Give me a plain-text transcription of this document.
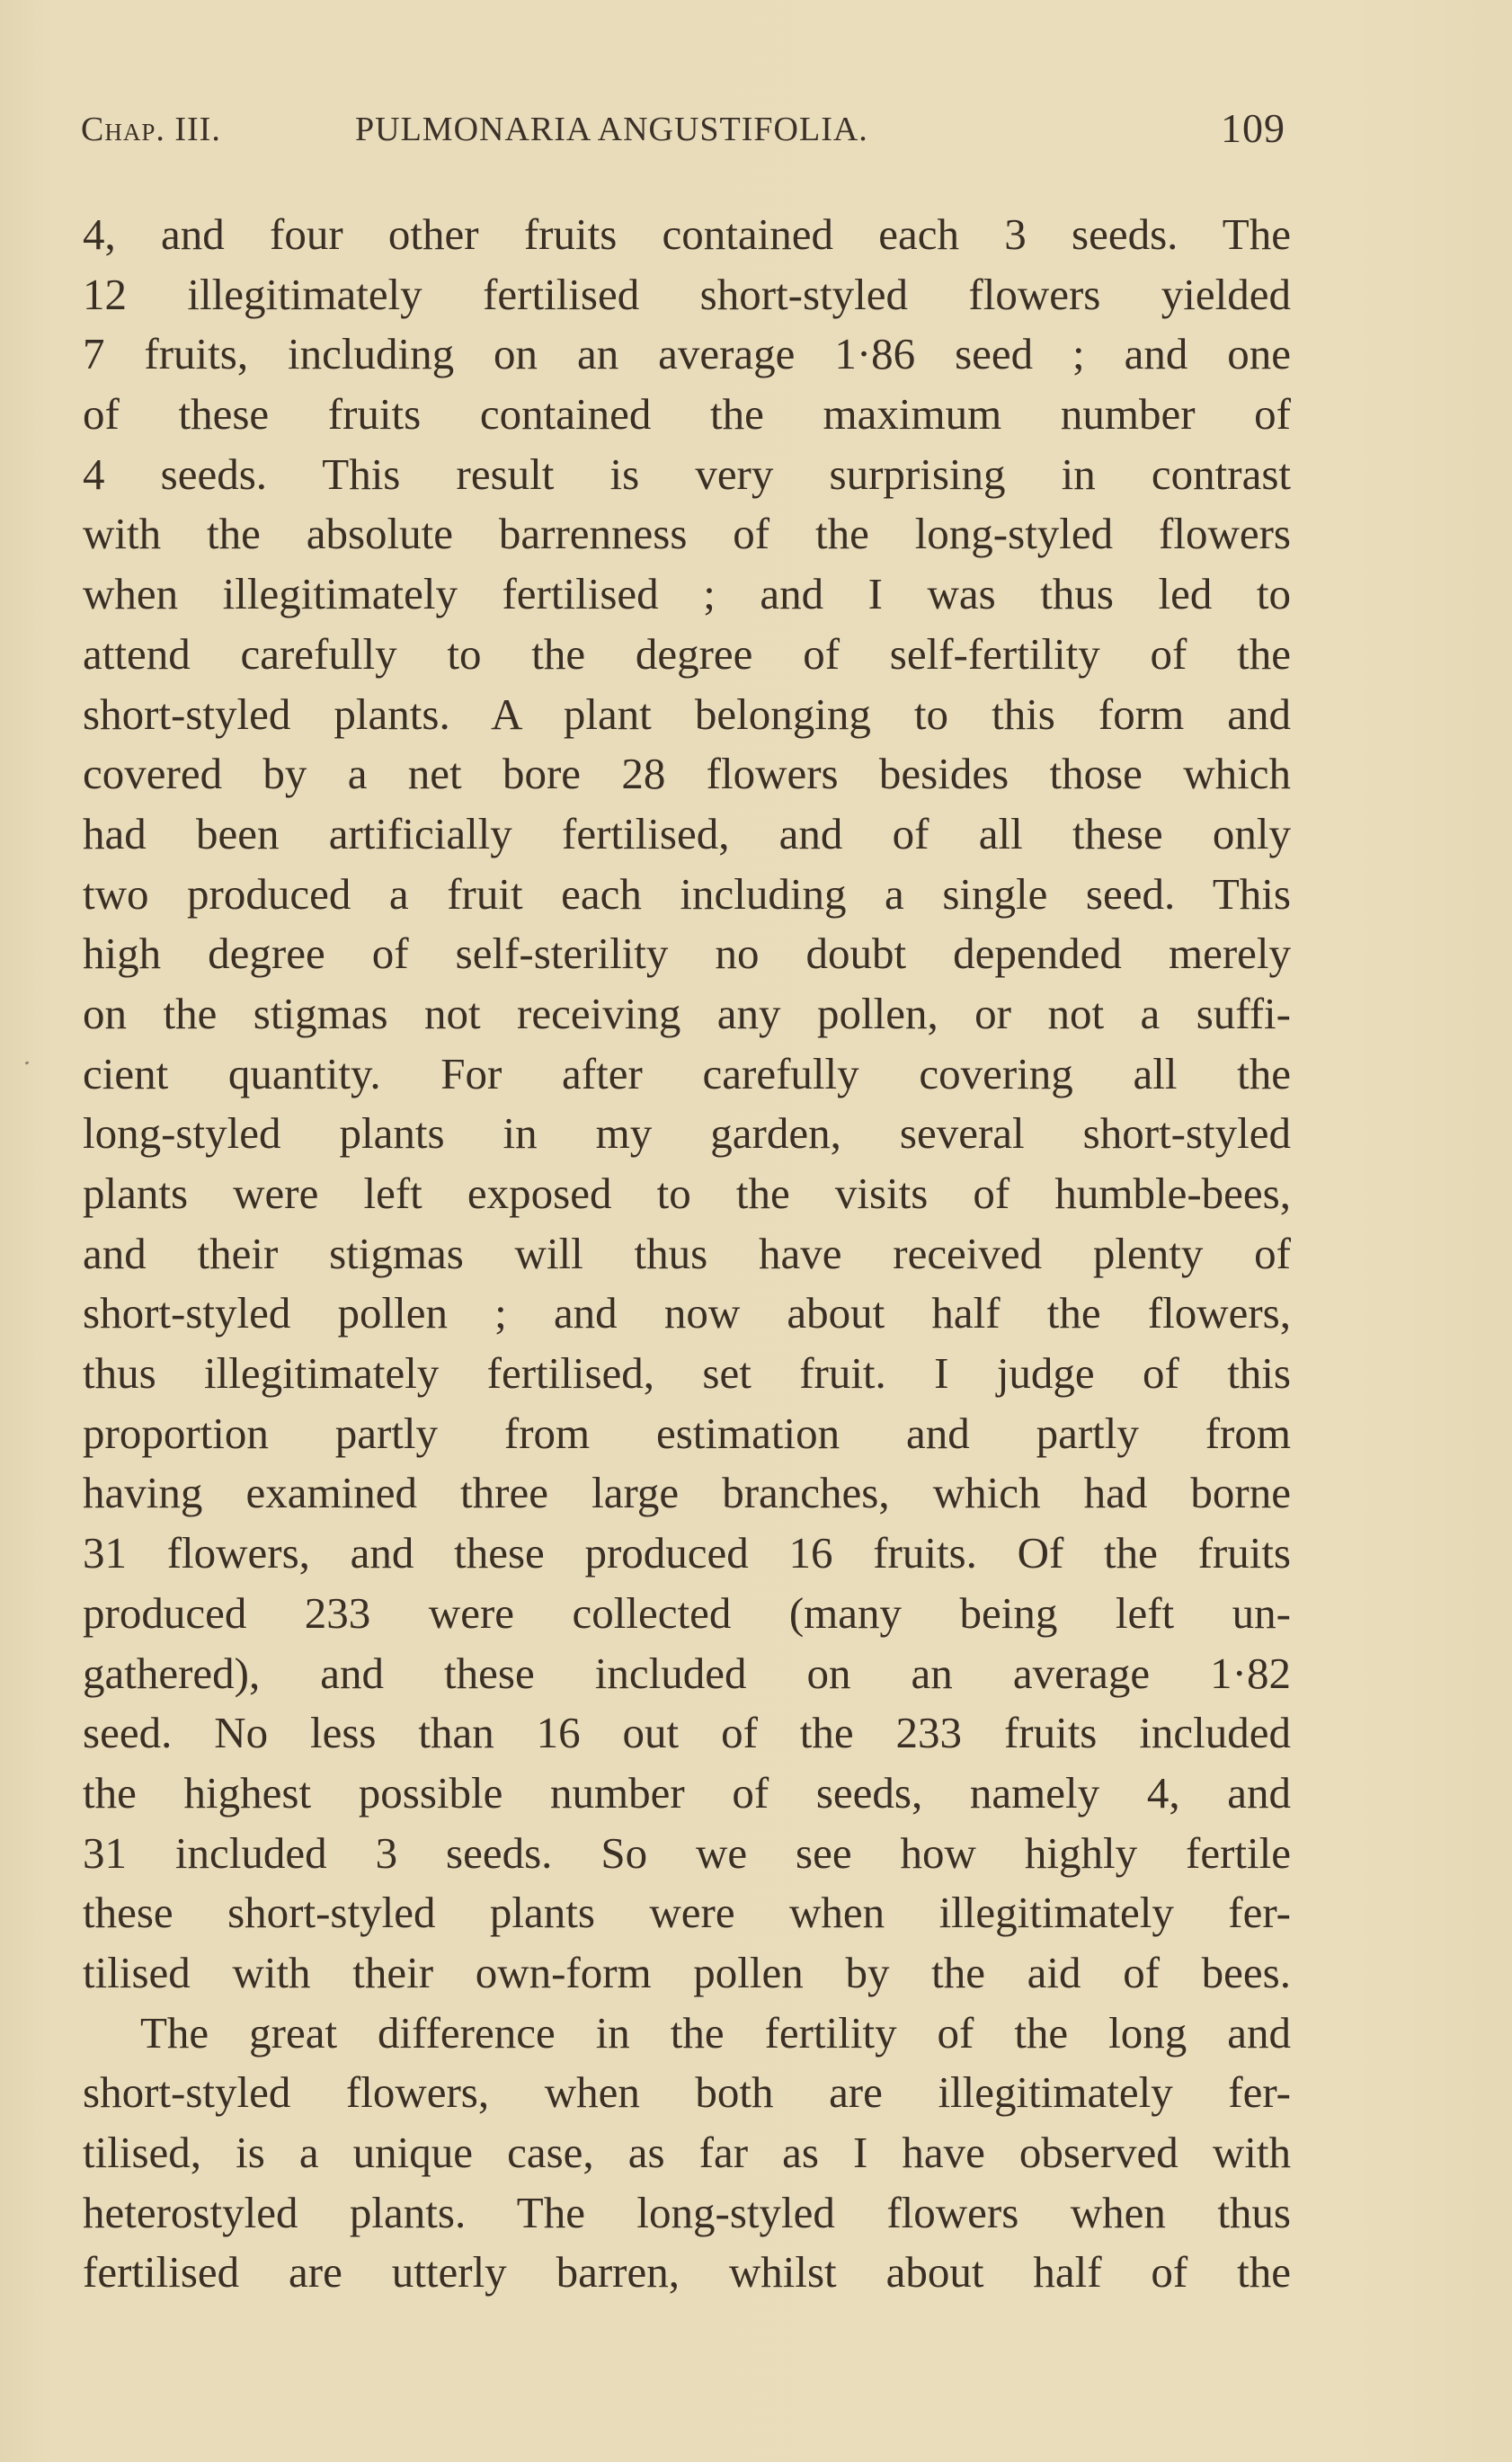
Chap. III.	PULMONARIA ANGUSTIFOLIA.	109
4, and four other fruits contained each 3 seeds. The
12 illegitimately fertilised short-styled flowers yielded
7 fruits, including on an average 1·86 seed ; and one
of these fruits contained the maximum number of
4 seeds. This result is very surprising in contrast
with the absolute barrenness of the long-styled flowers
when illegitimately fertilised ; and I was thus led to
attend carefully to the degree of self-fertility of the
short-styled plants. A plant belonging to this form and
covered by a net bore 28 flowers besides those which
had been artificially fertilised, and of all these only
two produced a fruit each including a single seed. This
high degree of self-sterility no doubt depended merely
on the stigmas not receiving any pollen, or not a suffi-
cient quantity. For after carefully covering all the
long-styled plants in my garden, several short-styled
plants were left exposed to the visits of humble-bees,
and their stigmas will thus have received plenty of
short-styled pollen ; and now about half the flowers,
thus illegitimately fertilised, set fruit. I judge of this
proportion partly from estimation and partly from
having examined three large branches, which had borne
31 flowers, and these produced 16 fruits. Of the fruits
produced 233 were collected (many being left un-
gathered), and these included on an average 1·82
seed. No less than 16 out of the 233 fruits included
the highest possible number of seeds, namely 4, and
31 included 3 seeds. So we see how highly fertile
these short-styled plants were when illegitimately fer-
tilised with their own-form pollen by the aid of bees.
The great difference in the fertility of the long and
short-styled flowers, when both are illegitimately fer-
tilised, is a unique case, as far as I have observed with
heterostyled plants. The long-styled flowers when thus
fertilised are utterly barren, whilst about half of the
